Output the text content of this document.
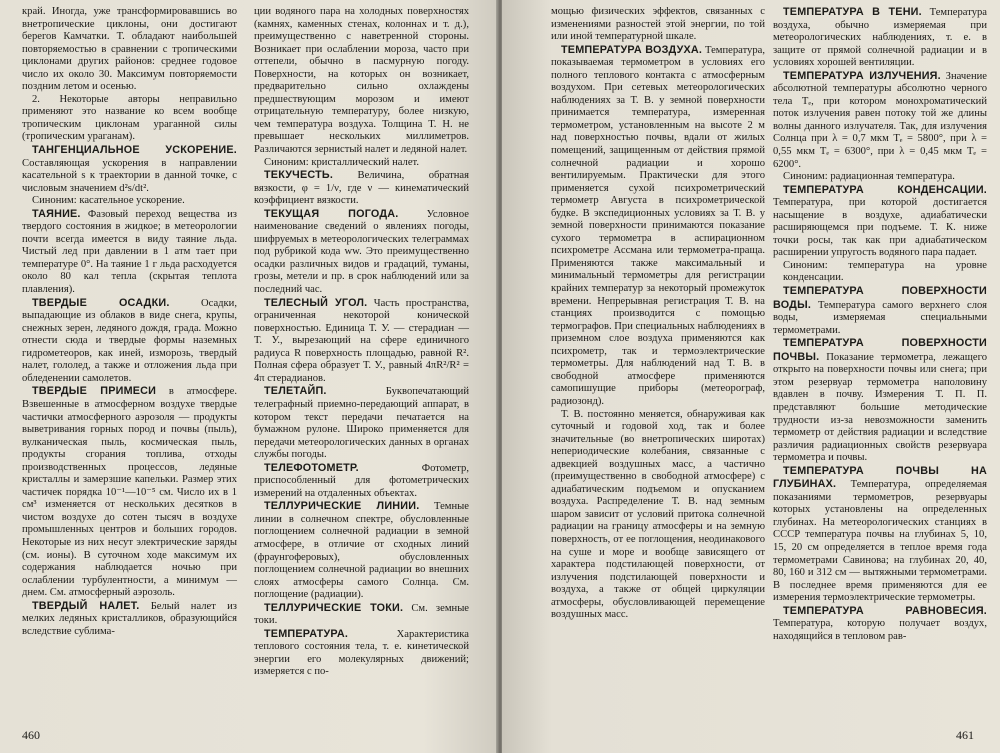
край. Иногда, уже трансформировавшись во внетропические циклоны, они достигают берегов Камчатки. Т. обладают наибольшей повторяемостью в сравнении с тропическими циклонами других районов: среднее годовое число их около 30. Максимум повторяемости поздним летом и осенью.

2. Некоторые авторы неправильно применяют это название ко всем вообще тропическим циклонам ураганной силы (тропическим ураганам).

ТАНГЕНЦИАЛЬНОЕ УСКОРЕНИЕ. Составляющая ускорения в направлении касательной s к траектории в данной точке, с числовым значением d²s/dt².

Синоним: касательное ускорение.

ТАЯНИЕ. Фазовый переход вещества из твердого состояния в жидкое; в метеорологии почти всегда имеется в виду таяние льда. Чистый лед при давлении в 1 атм тает при температуре 0°. На таяние 1 г льда расходуется около 80 кал тепла (скрытая теплота плавления).

ТВЕРДЫЕ ОСАДКИ. Осадки, выпадающие из облаков в виде снега, крупы, снежных зерен, ледяного дождя, града. Можно отнести сюда и твердые формы наземных гидрометеоров, как иней, изморозь, твердый налет, гололед, а также и отложения льда при обледенении самолетов.

ТВЕРДЫЕ ПРИМЕСИ в атмосфере. Взвешенные в атмосферном воздухе твердые частички атмосферного аэрозоля — продукты выветривания горных пород и почвы (пыль), вулканическая пыль, космическая пыль, продукты сгорания топлива, отходы производственных процессов, ледяные кристаллы и замерзшие капельки. Размер этих частичек порядка 10⁻¹—10⁻⁵ см. Число их в 1 см³ изменяется от нескольких десятков в чистом воздухе до сотен тысяч в воздухе промышленных центров и больших городов. Некоторые из них несут электрические заряды (см. ионы). В суточном ходе максимум их содержания наблюдается ночью при ослаблении турбулентности, а минимум — днем. См. атмосферный аэрозоль.

ТВЕРДЫЙ НАЛЕТ. Белый налет из мелких ледяных кристалликов, образующийся вследствие сублима-

ции водяного пара на холодных поверхностях (камнях, каменных стенах, колоннах и т. д.), преимущественно с наветренной стороны. Возникает при ослаблении мороза, часто при оттепели, обычно в пасмурную погоду. Поверхности, на которых он возникает, предварительно сильно охлаждены предшествующим морозом и имеют отрицательную температуру, более низкую, чем температура воздуха. Толщина Т. Н. не превышает нескольких миллиметров. Различаются зернистый налет и ледяной налет.

Синоним: кристаллический налет.

ТЕКУЧЕСТЬ. Величина, обратная вязкости, φ = 1/ν, где ν — кинематический коэффициент вязкости.

ТЕКУЩАЯ ПОГОДА. Условное наименование сведений о явлениях погоды, шифруемых в метеорологических телеграммах под рубрикой кода ww. Это преимущественно осадки различных видов и градаций, туманы, грозы, метели и пр. в срок наблюдений или за последний час.

ТЕЛЕСНЫЙ УГОЛ. Часть пространства, ограниченная некоторой конической поверхностью. Единица Т. У. — стерадиан — Т. У., вырезающий на сфере единичного радиуса R поверхность площадью, равной R². Полная сфера образует Т. У., равный 4πR²/R² = 4π стерадианов.

ТЕЛЕТАЙП. Буквопечатающий телеграфный приемно-передающий аппарат, в котором текст передачи печатается на бумажном рулоне. Широко применяется для передачи метеорологических данных в органах службы погоды.

ТЕЛЕФОТОМЕТР. Фотометр, приспособленный для фотометрических измерений на отдаленных объектах.

ТЕЛЛУРИЧЕСКИЕ ЛИНИИ. Темные линии в солнечном спектре, обусловленные поглощением солнечной радиации в земной атмосфере, в отличие от сходных линий (фраунгоферовых), обусловленных поглощением солнечной радиации во внешних слоях атмосферы самого Солнца. См. поглощение (радиации).

ТЕЛЛУРИЧЕСКИЕ ТОКИ. См. земные токи.

ТЕМПЕРАТУРА. Характеристика теплового состояния тела, т. е. кинетической энергии его молекулярных движений; измеряется с по-

460

мощью физических эффектов, связанных с изменениями разностей этой энергии, по той или иной температурной шкале.

ТЕМПЕРАТУРА ВОЗДУХА. Температура, показываемая термометром в условиях его полного теплового контакта с атмосферным воздухом. При сетевых метеорологических наблюдениях за Т. В. у земной поверхности принимается температура, измеренная термометром, установленным на высоте 2 м над поверхностью почвы, вдали от жилых помещений, защищенным от действия прямой солнечной радиации и хорошо вентилируемым. Практически для этого применяется сухой психрометрический термометр Августа в психрометрической будке. В экспедиционных условиях за Т. В. у земной поверхности принимаются показание сухого термометра в аспирационном психрометре Ассмана или термометра-праща. Применяются также максимальный и минимальный термометры для регистрации крайних температур за некоторый промежуток времени. Непрерывная регистрация Т. В. на станциях производится с помощью термографов. При специальных наблюдениях в приземном слое воздуха применяются как психрометр, так и термоэлектрические термометры. Для наблюдений над Т. В. в свободной атмосфере применяются самопишущие приборы (метеорограф, радиозонд).

Т. В. постоянно меняется, обнаруживая как суточный и годовой ход, так и более значительные (во внетропических широтах) непериодические колебания, связанные с адвекцией воздушных масс, а частично (преимущественно в свободной атмосфере) с адиабатическим подъемом и опусканием воздуха. Распределение Т. В. над земным шаром зависит от условий притока солнечной радиации на границу атмосферы и на земную поверхность, от ее поглощения, неодинакового на суше и море и вообще зависящего от характера подстилающей поверхности, от излучения подстилающей поверхности и воздуха, а также от общей циркуляции атмосферы, обусловливающей перемещение воздушных масс.

ТЕМПЕРАТУРА В ТЕНИ. Температура воздуха, обычно измеряемая при метеорологических наблюдениях, т. е. в защите от прямой солнечной радиации и в условиях хорошей вентиляции.

ТЕМПЕРАТУРА ИЗЛУЧЕНИЯ. Значение абсолютной температуры абсолютно черного тела Tₑ, при котором монохроматический поток излучения равен потоку той же длины волны данного излучателя. Так, для излучения Солнца при λ = 0,7 мкм Tₑ = 5800°, при λ = 0,55 мкм Tₑ = 6300°, при λ = 0,45 мкм Tₑ = 6200°.

Синоним: радиационная температура.

ТЕМПЕРАТУРА КОНДЕНСАЦИИ. Температура, при которой достигается насыщение в воздухе, адиабатически расширяющемся при подъеме. Т. К. ниже точки росы, так как при адиабатическом расширении упругость водяного пара падает.

Синоним: температура на уровне конденсации.

ТЕМПЕРАТУРА ПОВЕРХНОСТИ ВОДЫ. Температура самого верхнего слоя воды, измеряемая специальными термометрами.

ТЕМПЕРАТУРА ПОВЕРХНОСТИ ПОЧВЫ. Показание термометра, лежащего открыто на поверхности почвы или снега; при этом резервуар термометра наполовину вдавлен в почву. Измерения Т. П. П. представляют большие методические трудности из-за невозможности заменить термометр от действия радиации и вследствие различия радиационных свойств резервуара термометра и почвы.

ТЕМПЕРАТУРА ПОЧВЫ НА ГЛУБИНАХ. Температура, определяемая показаниями термометров, резервуары которых установлены на определенных глубинах. На метеорологических станциях в СССР температура почвы на глубинах 5, 10, 15, 20 см определяется в теплое время года термометрами Савинова; на глубинах 20, 40, 80, 160 и 312 см — вытяжными термометрами. В последнее время применяются для ее измерения термоэлектрические термометры.

ТЕМПЕРАТУРА РАВНОВЕСИЯ. Температура, которую получает воздух, находящийся в тепловом рав-

461
